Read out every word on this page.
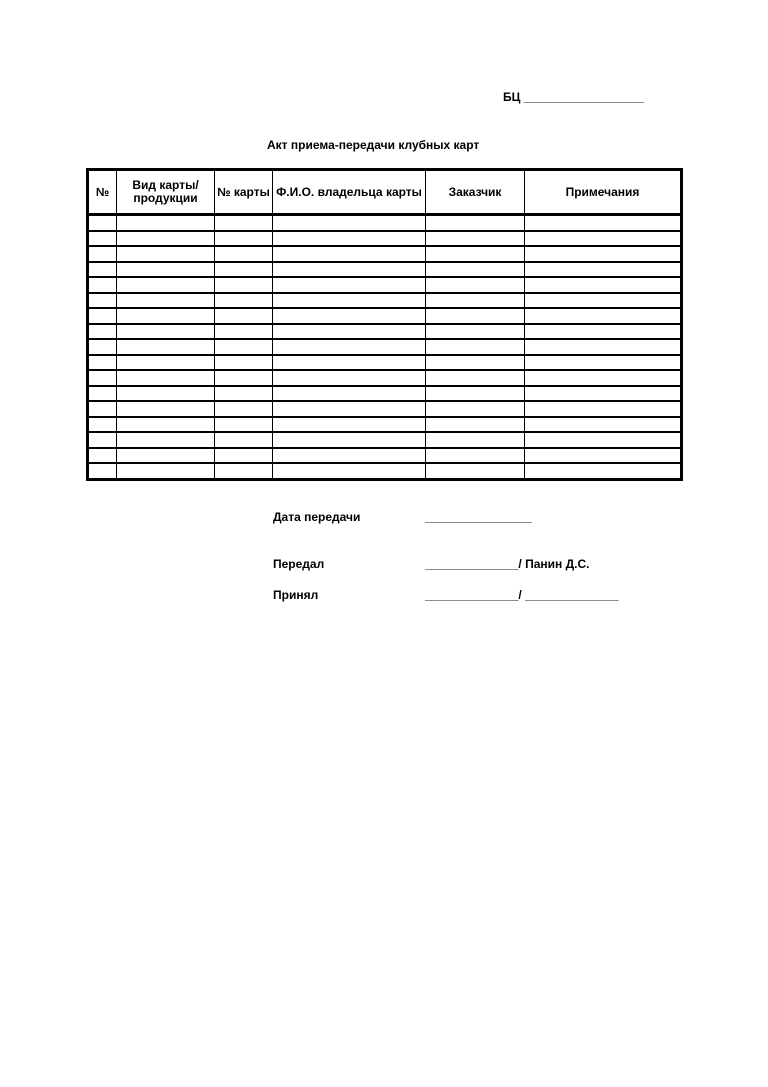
БЦ __________________
Акт приема-передачи клубных карт
№	Вид карты/продукции	№ карты	Ф.И.О. владельца карты	Заказчик	Примечания

Дата передачи	________________
Передал	______________/ Панин Д.С.
Принял	______________/ ______________
